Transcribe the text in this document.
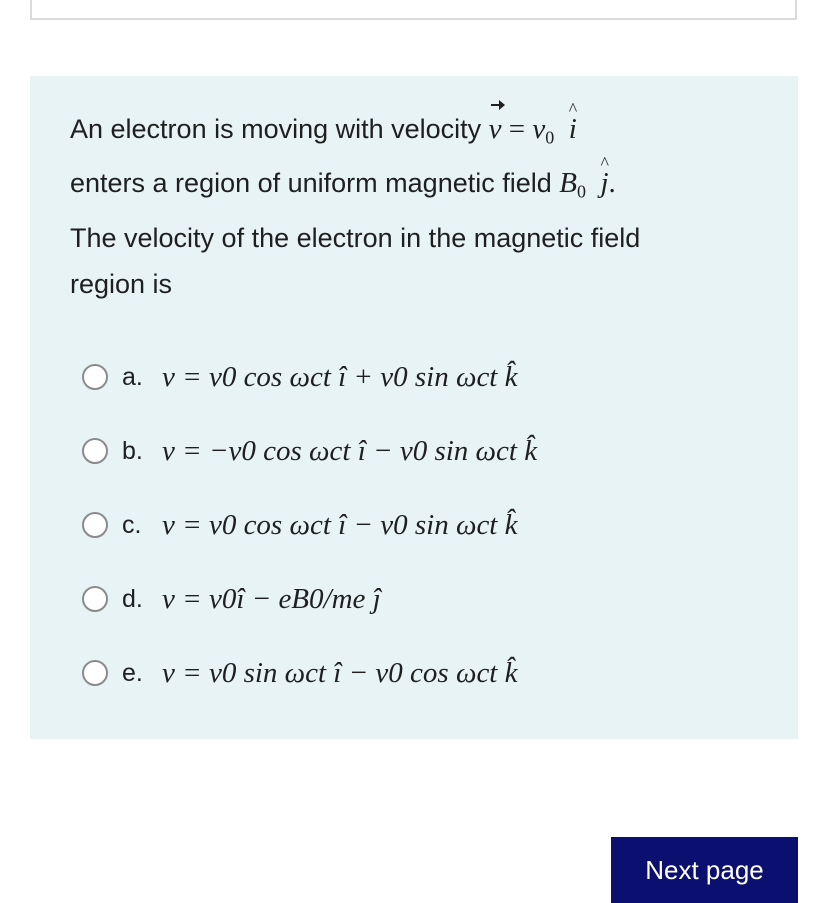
An electron is moving with velocity $v = v_0$ i ^
enters a region of uniform magnetic field $B_0$ j ^.
The velocity of the electron in the magnetic field
region is
a. v = v0 cos ωct î + v0 sin ωct k̂
b. v = −v0 cos ωct î − v0 sin ωct k̂
c. v = v0 cos ωct î − v0 sin ωct k̂
d. v = v0î − eB0/me ĵ
e. v = v0 sin ωct î − v0 cos ωct k̂
Next page
